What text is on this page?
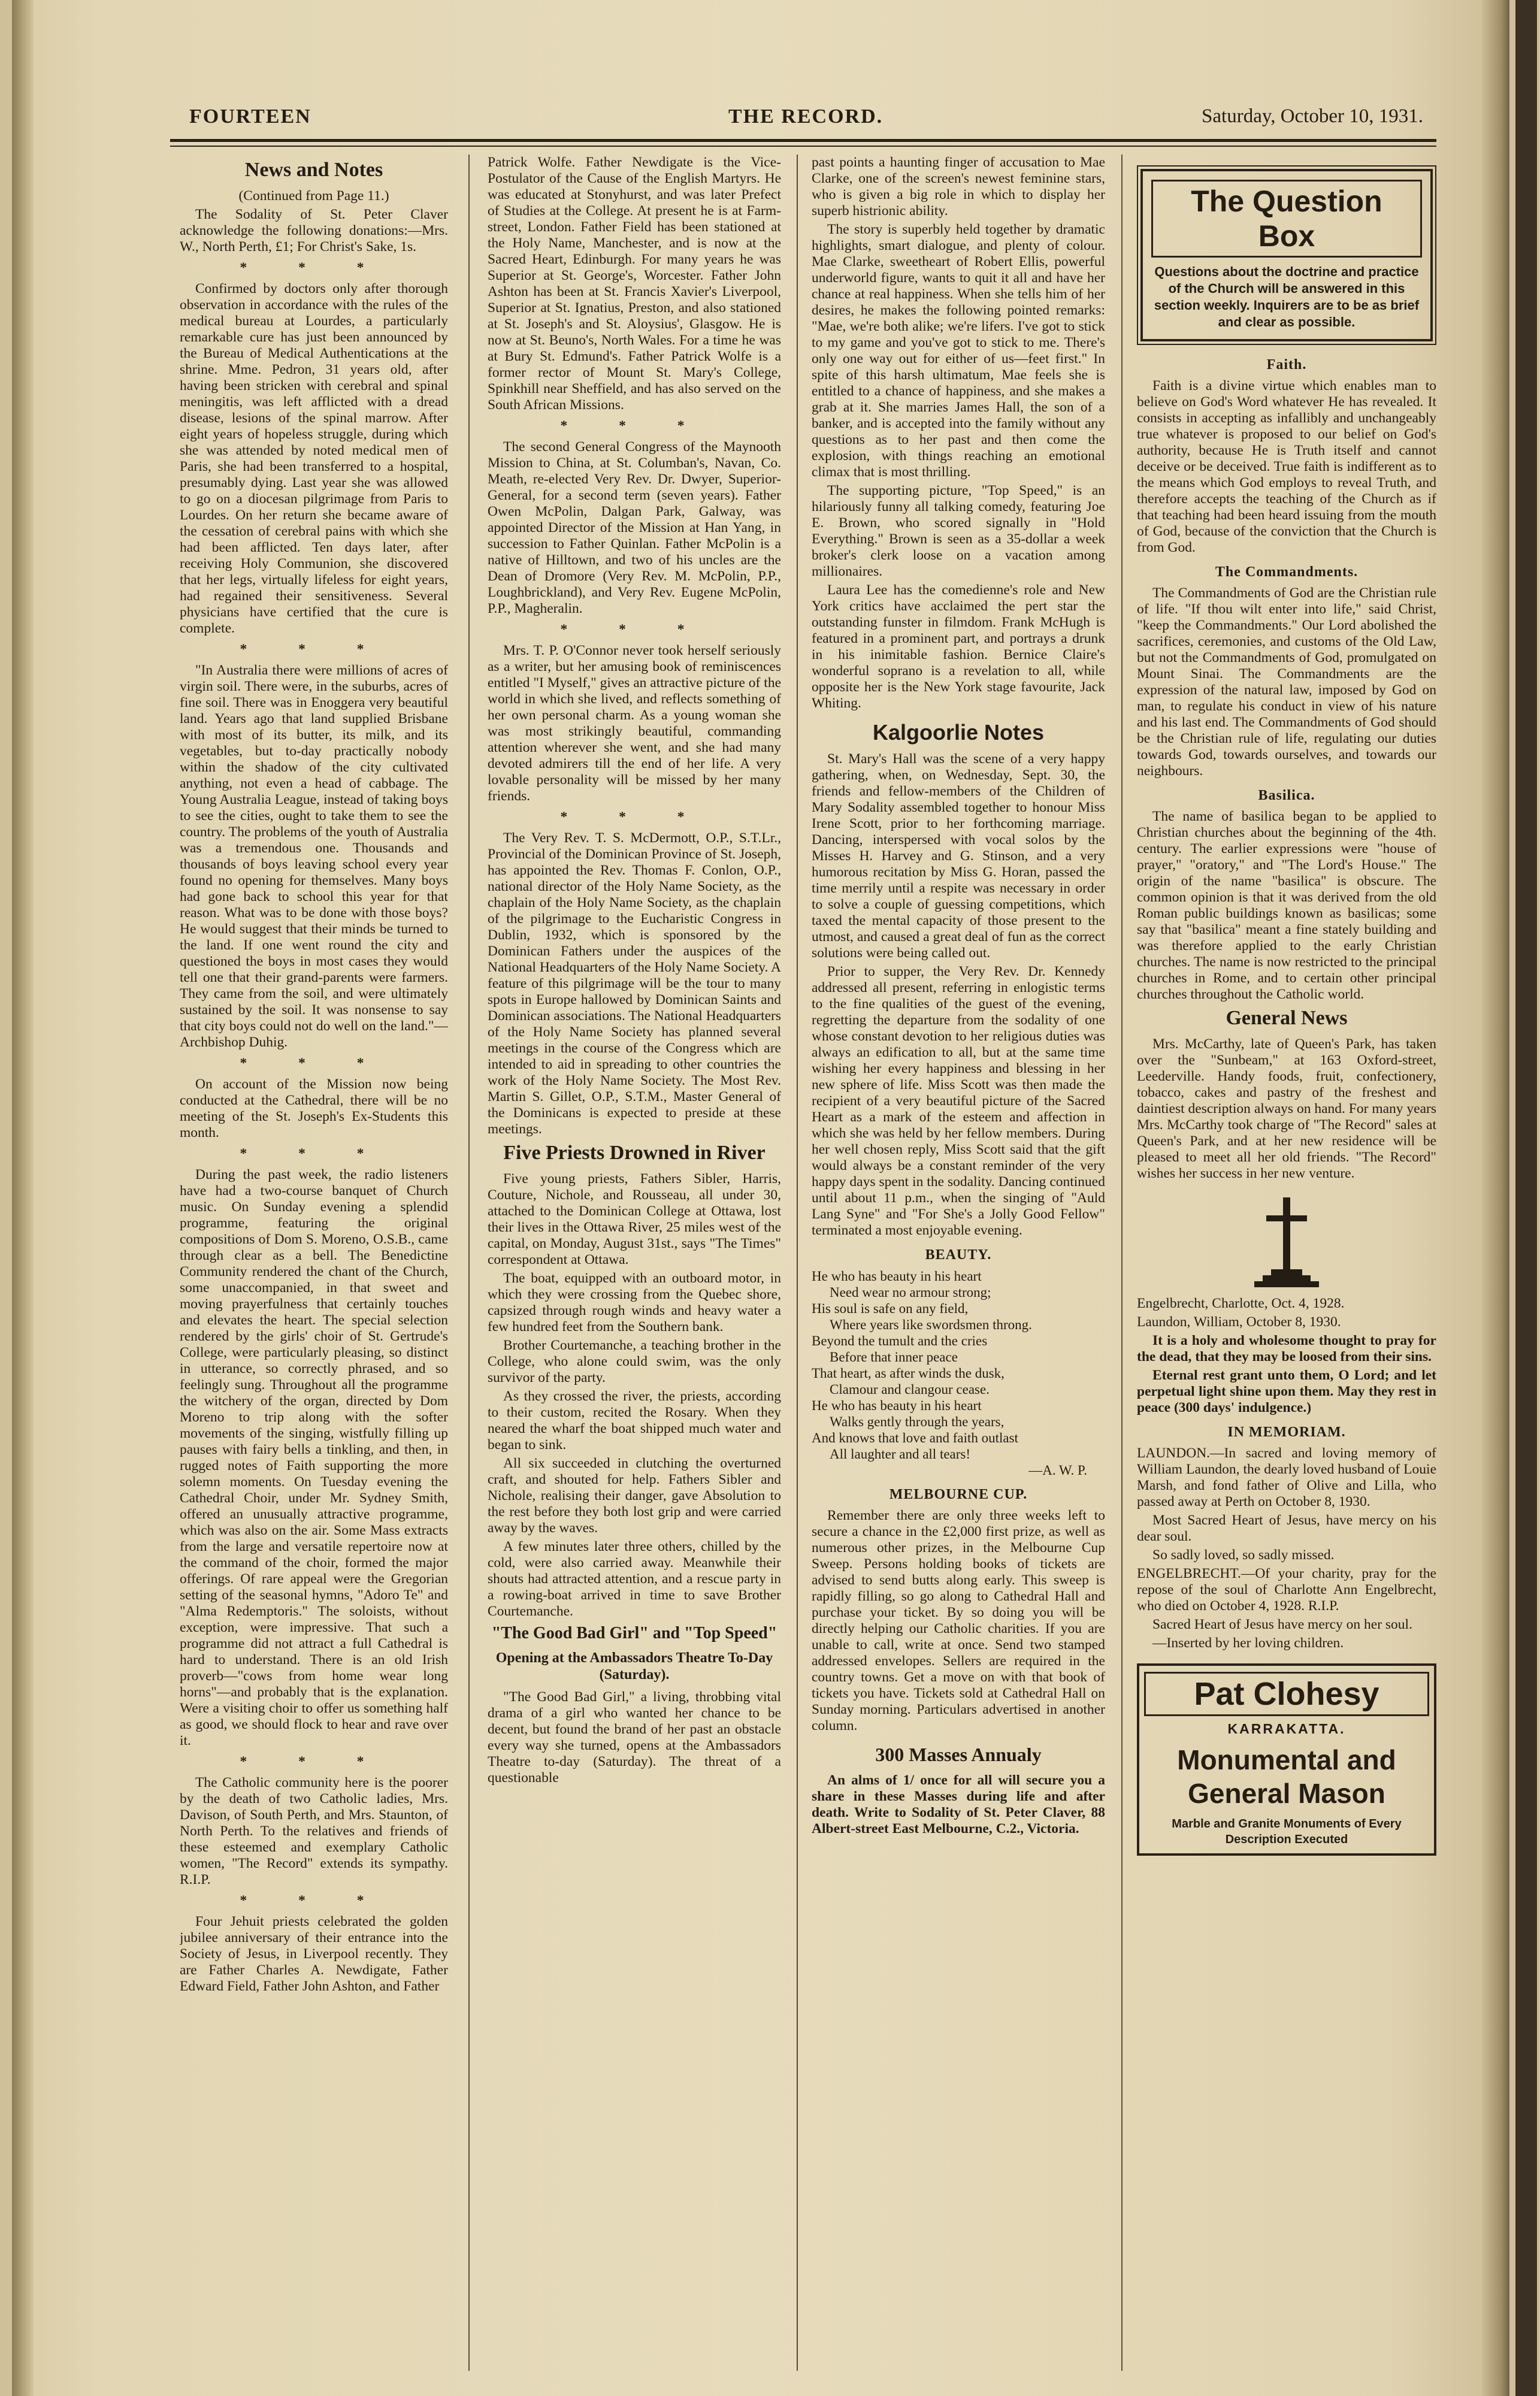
FOURTEEN	THE RECORD.	Saturday, October 10, 1931.
News and Notes

(Continued from Page 11.)

The Sodality of St. Peter Claver acknowledge the following donations:—Mrs. W., North Perth, £1; For Christ's Sake, 1s.

* * *

Confirmed by doctors only after thorough observation in accordance with the rules of the medical bureau at Lourdes, a particularly remarkable cure has just been announced by the Bureau of Medical Authentications at the shrine. Mme. Pedron, 31 years old, after having been stricken with cerebral and spinal meningitis, was left afflicted with a dread disease, lesions of the spinal marrow. After eight years of hopeless struggle, during which she was attended by noted medical men of Paris, she had been transferred to a hospital, presumably dying. Last year she was allowed to go on a diocesan pilgrimage from Paris to Lourdes. On her return she became aware of the cessation of cerebral pains with which she had been afflicted. Ten days later, after receiving Holy Communion, she discovered that her legs, virtually lifeless for eight years, had regained their sensitiveness. Several physicians have certified that the cure is complete.

* * *

"In Australia there were millions of acres of virgin soil. There were, in the suburbs, acres of fine soil. There was in Enoggera very beautiful land. Years ago that land supplied Brisbane with most of its butter, its milk, and its vegetables, but to-day practically nobody within the shadow of the city cultivated anything, not even a head of cabbage. The Young Australia League, instead of taking boys to see the cities, ought to take them to see the country. The problems of the youth of Australia was a tremendous one. Thousands and thousands of boys leaving school every year found no opening for themselves. Many boys had gone back to school this year for that reason. What was to be done with those boys? He would suggest that their minds be turned to the land. If one went round the city and questioned the boys in most cases they would tell one that their grand-parents were farmers. They came from the soil, and were ultimately sustained by the soil. It was nonsense to say that city boys could not do well on the land."—Archbishop Duhig.

* * *

On account of the Mission now being conducted at the Cathedral, there will be no meeting of the St. Joseph's Ex-Students this month.

* * *

During the past week, the radio listeners have had a two-course banquet of Church music. On Sunday evening a splendid programme, featuring the original compositions of Dom S. Moreno, O.S.B., came through clear as a bell. The Benedictine Community rendered the chant of the Church, some unaccompanied, in that sweet and moving prayerfulness that certainly touches and elevates the heart. The special selection rendered by the girls' choir of St. Gertrude's College, were particularly pleasing, so distinct in utterance, so correctly phrased, and so feelingly sung. Throughout all the programme the witchery of the organ, directed by Dom Moreno to trip along with the softer movements of the singing, wistfully filling up pauses with fairy bells a tinkling, and then, in rugged notes of Faith supporting the more solemn moments. On Tuesday evening the Cathedral Choir, under Mr. Sydney Smith, offered an unusually attractive programme, which was also on the air. Some Mass extracts from the large and versatile repertoire now at the command of the choir, formed the major offerings. Of rare appeal were the Gregorian setting of the seasonal hymns, "Adoro Te" and "Alma Redemptoris." The soloists, without exception, were impressive. That such a programme did not attract a full Cathedral is hard to understand. There is an old Irish proverb—"cows from home wear long horns"—and probably that is the explanation. Were a visiting choir to offer us something half as good, we should flock to hear and rave over it.

* * *

The Catholic community here is the poorer by the death of two Catholic ladies, Mrs. Davison, of South Perth, and Mrs. Staunton, of North Perth. To the relatives and friends of these esteemed and exemplary Catholic women, "The Record" extends its sympathy. R.I.P.

* * *

Four Jehuit priests celebrated the golden jubilee anniversary of their entrance into the Society of Jesus, in Liverpool recently. They are Father Charles A. Newdigate, Father Edward Field, Father John Ashton, and Father

Patrick Wolfe. Father Newdigate is the Vice-Postulator of the Cause of the English Martyrs. He was educated at Stonyhurst, and was later Prefect of Studies at the College. At present he is at Farm-street, London. Father Field has been stationed at the Holy Name, Manchester, and is now at the Sacred Heart, Edinburgh. For many years he was Superior at St. George's, Worcester. Father John Ashton has been at St. Francis Xavier's Liverpool, Superior at St. Ignatius, Preston, and also stationed at St. Joseph's and St. Aloysius', Glasgow. He is now at St. Beuno's, North Wales. For a time he was at Bury St. Edmund's. Father Patrick Wolfe is a former rector of Mount St. Mary's College, Spinkhill near Sheffield, and has also served on the South African Missions.

* * *

The second General Congress of the Maynooth Mission to China, at St. Columban's, Navan, Co. Meath, re-elected Very Rev. Dr. Dwyer, Superior-General, for a second term (seven years). Father Owen McPolin, Dalgan Park, Galway, was appointed Director of the Mission at Han Yang, in succession to Father Quinlan. Father McPolin is a native of Hilltown, and two of his uncles are the Dean of Dromore (Very Rev. M. McPolin, P.P., Loughbrickland), and Very Rev. Eugene McPolin, P.P., Magheralin.

* * *

Mrs. T. P. O'Connor never took herself seriously as a writer, but her amusing book of reminiscences entitled "I Myself," gives an attractive picture of the world in which she lived, and reflects something of her own personal charm. As a young woman she was most strikingly beautiful, commanding attention wherever she went, and she had many devoted admirers till the end of her life. A very lovable personality will be missed by her many friends.

* * *

The Very Rev. T. S. McDermott, O.P., S.T.Lr., Provincial of the Dominican Province of St. Joseph, has appointed the Rev. Thomas F. Conlon, O.P., national director of the Holy Name Society, as the chaplain of the Holy Name Society, as the chaplain of the pilgrimage to the Eucharistic Congress in Dublin, 1932, which is sponsored by the Dominican Fathers under the auspices of the National Headquarters of the Holy Name Society. A feature of this pilgrimage will be the tour to many spots in Europe hallowed by Dominican Saints and Dominican associations. The National Headquarters of the Holy Name Society has planned several meetings in the course of the Congress which are intended to aid in spreading to other countries the work of the Holy Name Society. The Most Rev. Martin S. Gillet, O.P., S.T.M., Master General of the Dominicans is expected to preside at these meetings.

Five Priests Drowned in River

Five young priests, Fathers Sibler, Harris, Couture, Nichole, and Rousseau, all under 30, attached to the Dominican College at Ottawa, lost their lives in the Ottawa River, 25 miles west of the capital, on Monday, August 31st., says "The Times" correspondent at Ottawa.

The boat, equipped with an outboard motor, in which they were crossing from the Quebec shore, capsized through rough winds and heavy water a few hundred feet from the Southern bank.

Brother Courtemanche, a teaching brother in the College, who alone could swim, was the only survivor of the party.

As they crossed the river, the priests, according to their custom, recited the Rosary. When they neared the wharf the boat shipped much water and began to sink.

All six succeeded in clutching the overturned craft, and shouted for help. Fathers Sibler and Nichole, realising their danger, gave Absolution to the rest before they both lost grip and were carried away by the waves.

A few minutes later three others, chilled by the cold, were also carried away. Meanwhile their shouts had attracted attention, and a rescue party in a rowing-boat arrived in time to save Brother Courtemanche.

"The Good Bad Girl" and "Top Speed"
Opening at the Ambassadors Theatre To-Day (Saturday).

"The Good Bad Girl," a living, throbbing vital drama of a girl who wanted her chance to be decent, but found the brand of her past an obstacle every way she turned, opens at the Ambassadors Theatre to-day (Saturday). The threat of a questionable

past points a haunting finger of accusation to Mae Clarke, one of the screen's newest feminine stars, who is given a big role in which to display her superb histrionic ability.

The story is superbly held together by dramatic highlights, smart dialogue, and plenty of colour. Mae Clarke, sweetheart of Robert Ellis, powerful underworld figure, wants to quit it all and have her chance at real happiness. When she tells him of her desires, he makes the following pointed remarks: "Mae, we're both alike; we're lifers. I've got to stick to my game and you've got to stick to me. There's only one way out for either of us—feet first." In spite of this harsh ultimatum, Mae feels she is entitled to a chance of happiness, and she makes a grab at it. She marries James Hall, the son of a banker, and is accepted into the family without any questions as to her past and then come the explosion, with things reaching an emotional climax that is most thrilling.

The supporting picture, "Top Speed," is an hilariously funny all talking comedy, featuring Joe E. Brown, who scored signally in "Hold Everything." Brown is seen as a 35-dollar a week broker's clerk loose on a vacation among millionaires.

Laura Lee has the comedienne's role and New York critics have acclaimed the pert star the outstanding funster in filmdom. Frank McHugh is featured in a prominent part, and portrays a drunk in his inimitable fashion. Bernice Claire's wonderful soprano is a revelation to all, while opposite her is the New York stage favourite, Jack Whiting.

Kalgoorlie Notes

St. Mary's Hall was the scene of a very happy gathering, when, on Wednesday, Sept. 30, the friends and fellow-members of the Children of Mary Sodality assembled together to honour Miss Irene Scott, prior to her forthcoming marriage. Dancing, interspersed with vocal solos by the Misses H. Harvey and G. Stinson, and a very humorous recitation by Miss G. Horan, passed the time merrily until a respite was necessary in order to solve a couple of guessing competitions, which taxed the mental capacity of those present to the utmost, and caused a great deal of fun as the correct solutions were being called out.

Prior to supper, the Very Rev. Dr. Kennedy addressed all present, referring in enlogistic terms to the fine qualities of the guest of the evening, regretting the departure from the sodality of one whose constant devotion to her religious duties was always an edification to all, but at the same time wishing her every happiness and blessing in her new sphere of life. Miss Scott was then made the recipient of a very beautiful picture of the Sacred Heart as a mark of the esteem and affection in which she was held by her fellow members. During her well chosen reply, Miss Scott said that the gift would always be a constant reminder of the very happy days spent in the sodality. Dancing continued until about 11 p.m., when the singing of "Auld Lang Syne" and "For She's a Jolly Good Fellow" terminated a most enjoyable evening.

BEAUTY.
He who has beauty in his heart
Need wear no armour strong;
His soul is safe on any field,
Where years like swordsmen throng.
Beyond the tumult and the cries
Before that inner peace
That heart, as after winds the dusk,
Clamour and clangour cease.
He who has beauty in his heart
Walks gently through the years,
And knows that love and faith outlast
All laughter and all tears!
—A. W. P.
MELBOURNE CUP.

Remember there are only three weeks left to secure a chance in the £2,000 first prize, as well as numerous other prizes, in the Melbourne Cup Sweep. Persons holding books of tickets are advised to send butts along early. This sweep is rapidly filling, so go along to Cathedral Hall and purchase your ticket. By so doing you will be directly helping our Catholic charities. If you are unable to call, write at once. Send two stamped addressed envelopes. Sellers are required in the country towns. Get a move on with that book of tickets you have. Tickets sold at Cathedral Hall on Sunday morning. Particulars advertised in another column.

300 Masses Annualy

An alms of 1/ once for all will secure you a share in these Masses during life and after death. Write to Sodality of St. Peter Claver, 88 Albert-street East Melbourne, C.2., Victoria.

The Question Box
Questions about the doctrine and practice of the Church will be answered in this section weekly. Inquirers are to be as brief and clear as possible.
Faith.

Faith is a divine virtue which enables man to believe on God's Word whatever He has revealed. It consists in accepting as infallibly and unchangeably true whatever is proposed to our belief on God's authority, because He is Truth itself and cannot deceive or be deceived. True faith is indifferent as to the means which God employs to reveal Truth, and therefore accepts the teaching of the Church as if that teaching had been heard issuing from the mouth of God, because of the conviction that the Church is from God.

The Commandments.

The Commandments of God are the Christian rule of life. "If thou wilt enter into life," said Christ, "keep the Commandments." Our Lord abolished the sacrifices, ceremonies, and customs of the Old Law, but not the Commandments of God, promulgated on Mount Sinai. The Commandments are the expression of the natural law, imposed by God on man, to regulate his conduct in view of his nature and his last end. The Commandments of God should be the Christian rule of life, regulating our duties towards God, towards ourselves, and towards our neighbours.

Basilica.

The name of basilica began to be applied to Christian churches about the beginning of the 4th. century. The earlier expressions were "house of prayer," "oratory," and "The Lord's House." The origin of the name "basilica" is obscure. The common opinion is that it was derived from the old Roman public buildings known as basilicas; some say that "basilica" meant a fine stately building and was therefore applied to the early Christian churches. The name is now restricted to the principal churches in Rome, and to certain other principal churches throughout the Catholic world.

General News

Mrs. McCarthy, late of Queen's Park, has taken over the "Sunbeam," at 163 Oxford-street, Leederville. Handy foods, fruit, confectionery, tobacco, cakes and pastry of the freshest and daintiest description always on hand. For many years Mrs. McCarthy took charge of "The Record" sales at Queen's Park, and at her new residence will be pleased to meet all her old friends. "The Record" wishes her success in her new venture.

Engelbrecht, Charlotte, Oct. 4, 1928.

Laundon, William, October 8, 1930.

It is a holy and wholesome thought to pray for the dead, that they may be loosed from their sins.

Eternal rest grant unto them, O Lord; and let perpetual light shine upon them. May they rest in peace (300 days' indulgence.)

IN MEMORIAM.

LAUNDON.—In sacred and loving memory of William Laundon, the dearly loved husband of Louie Marsh, and fond father of Olive and Lilla, who passed away at Perth on October 8, 1930.

Most Sacred Heart of Jesus, have mercy on his dear soul.

So sadly loved, so sadly missed.

ENGELBRECHT.—Of your charity, pray for the repose of the soul of Charlotte Ann Engelbrecht, who died on October 4, 1928. R.I.P.

Sacred Heart of Jesus have mercy on her soul.

—Inserted by her loving children.

Pat Clohesy
KARRAKATTA.
Monumental and General Mason
Marble and Granite Monuments of Every Description Executed
